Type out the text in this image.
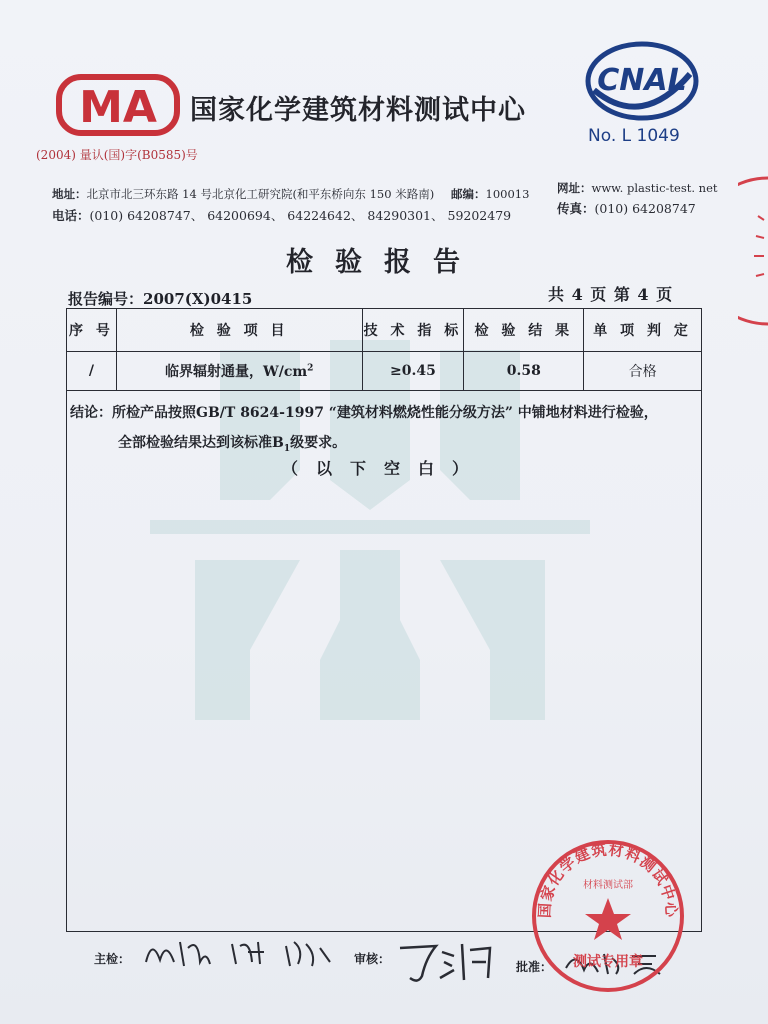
MA 国家化学建筑材料测试中心
(2004) 量认(国)字(B0585)号
CNAL
No. L 1049
地址：北京市北三环东路 14 号北京化工研究院(和平东桥向东 150 米路南) 邮编：100013 网址：www. plastic-test. net
电话：(010) 64208747、 64200694、 64224642、 84290301、 59202479	传真：(010) 64208747
检验报告
报告编号：2007(X)0415	共 4 页 第 4 页
序 号	检 验 项 目	技 术 指 标	检 验 结 果	单 项 判 定
/	临界辐射通量，$W/cm^2$	≥0.45	0.58	合格
结论：所检产品按照GB/T 8624-1997 “建筑材料燃烧性能分级方法” 中铺地材料进行检验，
全部检验结果达到该标准$B_1$级要求。
（以下空白）
主检：	审核：
批准：
国家化学建筑材料测试中心
材料测试部
测试专用章
